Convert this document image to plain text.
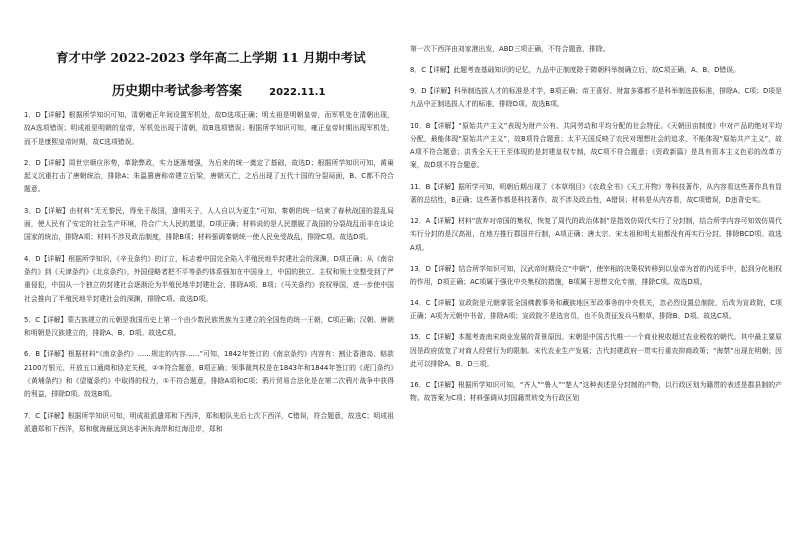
育才中学 2022-2023 学年高二上学期 11 月期中考试
历史期中考试参考答案	2022.11.1

1．D【详解】根据所学知识可知，清朝雍正年间设置军机处，故D选项正确；明太祖是明朝皇帝，而军机处在清朝出现，故A选项错误；明成祖是明朝的皇帝，军机处出现于清朝，故B选项错误；根据所学知识可知，雍正皇帝时期出现军机处，而不是康熙皇帝时期，故C选项错误。

2．D【详解】周世宗顺应形势，革除弊政，实力逐渐增强，为后来的统一奠定了基础，故选D；根据所学知识可知，黄巢起义沉重打击了唐朝统治，排除A；朱温篡唐称帝建立后梁，唐朝灭亡，之后出现了五代十国的分裂局面，B、C都不符合题意。

3．D【详解】由材料“无无黎民，得免于战国，逢明天子，人人自以为更生”可知，秦朝的统一结束了春秋战国的混乱局面，使人民有了安定的社会生产环境，符合广大人民的愿望，D项正确；材料说的是人民摆脱了战国的分裂战乱而非在谈论国家的统治，排除A项；材料不涉及政治制度，排除B项；材料强调秦朝统一使人民免受战乱，排除C项。故选D项。

4．D【详解】根据所学知识，《辛丑条约》的订立，标志着中国完全陷入半殖民地半封建社会的深渊，D项正确；从《南京条约》到《天津条约》《北京条约》，外国侵略者把不平等条约体系强加在中国身上，中国的独立、主权和领土完整受到了严重侵犯，中国从一个独立的封建社会逐渐沦为半殖民地半封建社会，排除A项、B项；《马关条约》丧权辱国，进一步使中国社会推向了半殖民地半封建社会的深渊，排除C项。故选D项。

5．C【详解】蒙古族建立的元朝是我国历史上第一个由少数民族贵族为主建立的全国性的统一王朝，C项正确；汉朝、唐朝和明朝是汉族建立的，排除A、B、D项。故选C项。

6．B【详解】根据材料“《南京条约》……规定的内容……”可知，1842年签订的《南京条约》内容有：割让香港岛、赔款2100万银元、开放五口通商和协定关税，②③符合题意，B项正确；领事裁判权是在1843年和1844年签订的《虎门条约》《黄埔条约》和《望厦条约》中取得的权力，①不符合题意，排除A项和C项；鸦片贸易合法化是在第二次鸦片战争中获得的利益，排除D项。故选B项。

7．C【详解】根据所学知识可知，明成祖派遣郑和下西洋，郑和船队先后七次下西洋，C错误，符合题意，故选C；明成祖派遣郑和下西洋，郑和航海最远到达非洲东海岸和红海沿岸，郑和

第一次下西洋由刘家港出发，ABD三项正确，不符合题意，排除。

8．C【详解】此题考查基础知识的记忆，九品中正制度除于隋朝科举制确立后，故C项正确，A、B、D错误。

9．D【详解】科举制选拔人才的标准是才学，B项正确；帝王喜好、财富多寡都不是科举制选拔标准，排除A、C项；D项是九品中正制选拔人才的标准，排除D项。故选B项。

10．B【详解】“原始共产主义”表现为财产公有、共同劳动和平均分配的社会特征。《天朝田亩制度》中对产品的绝对平均分配，最能体现“原始共产主义”，故B项符合题意；太平天国反映了农民对理想社会的追求，不能体现“原始共产主义”，故A项不符合题意；洪秀全天王王至体现的是封建皇权专制，故C项不符合题意；《资政新篇》是具有资本主义色彩的改革方案，故D项不符合题意。

11．B【详解】据所学可知，明朝后期出现了《本草纲目》《农政全书》《天工开物》等科技著作，从内容看这些著作具有显著的总结性，B正确；这些著作都是科技著作，故不涉及政治性，A错误；材料是从内容看，故C项错误，D违背史实。

12．A【详解】材料“放弃对帝国的集权，恢复了周代的政治体制”是指效仿周代实行了分封制，结合所学内容可知效仿周代实行分封的是汉高祖，在地方推行郡国并行制，A项正确；唐太宗、宋太祖和明太祖都没有再实行分封，排除BCD项。故选A项。

13．D【详解】结合所学知识可知，汉武帝时期设立“中朝”，使宰相的决策权转移到以皇帝为首的内廷手中，起到分化相权的作用，D项正确；AC项属于强化中央集权的措施，B项属于思想文化专制，排除C项。故选D项。

14．C【详解】宣政院是元朝掌管全国佛教事务和藏族地区军政事务的中央机关，忽必烈设置总制院，后改为宣政院，C项正确；A项为元朝中书省，排除A项；宣政院不是选官员，也不负责征发兵马粮草，排除B、D项。故选C项。

15．C【详解】本题考查南宋商业发展的背景原因。宋朝是中国古代唯一一个商业税收超过农业税收的朝代。其中最主要原因是政府放宽了对商人经营行为的限制。宋代农业生产发展；古代封建政府一贯实行重农抑商政策；“海禁”出现在明朝；因此可以排除A、B、D三项。

16．C【详解】根据所学知识可知，“齐人”“鲁人”“楚人”这种表述是分封制的产物，以行政区划为籍贯的表述是郡县制的产物。故答案为C项；材料强调从封国籍贯转变为行政区划
